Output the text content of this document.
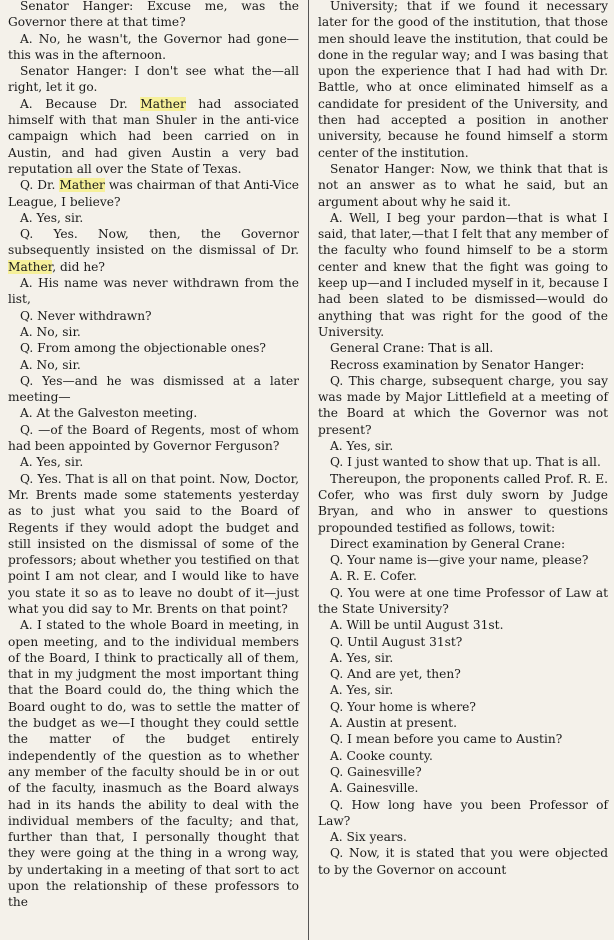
Senator Hanger: Excuse me, was the Governor there at that time?

A. No, he wasn't, the Governor had gone—this was in the afternoon.

Senator Hanger: I don't see what the—all right, let it go.

A. Because Dr. Mather had associated himself with that man Shuler in the anti-vice campaign which had been carried on in Austin, and had given Austin a very bad reputation all over the State of Texas.

Q. Dr. Mather was chairman of that Anti-Vice League, I believe?

A. Yes, sir.

Q. Yes. Now, then, the Governor subsequently insisted on the dismissal of Dr. Mather, did he?

A. His name was never withdrawn from the list,

Q. Never withdrawn?

A. No, sir.

Q. From among the objectionable ones?

A. No, sir.

Q. Yes—and he was dismissed at a later meeting—

A. At the Galveston meeting.

Q. —of the Board of Regents, most of whom had been appointed by Governor Ferguson?

A. Yes, sir.

Q. Yes. That is all on that point. Now, Doctor, Mr. Brents made some statements yesterday as to just what you said to the Board of Regents if they would adopt the budget and still insisted on the dismissal of some of the professors; about whether you testified on that point I am not clear, and I would like to have you state it so as to leave no doubt of it—just what you did say to Mr. Brents on that point?

A. I stated to the whole Board in meeting, in open meeting, and to the individual members of the Board, I think to practically all of them, that in my judgment the most important thing that the Board could do, the thing which the Board ought to do, was to settle the matter of the budget as we—I thought they could settle the matter of the budget entirely independently of the question as to whether any member of the faculty should be in or out of the faculty, inasmuch as the Board always had in its hands the ability to deal with the individual members of the faculty; and that, further than that, I personally thought that they were going at the thing in a wrong way, by undertaking in a meeting of that sort to act upon the relationship of these professors to the

University; that if we found it necessary later for the good of the institution, that those men should leave the institution, that could be done in the regular way; and I was basing that upon the experience that I had had with Dr. Battle, who at once eliminated himself as a candidate for president of the University, and then had accepted a position in another university, because he found himself a storm center of the institution.

Senator Hanger: Now, we think that that is not an answer as to what he said, but an argument about why he said it.

A. Well, I beg your pardon—that is what I said, that later,—that I felt that any member of the faculty who found himself to be a storm center and knew that the fight was going to keep up—and I included myself in it, because I had been slated to be dismissed—would do anything that was right for the good of the University.

General Crane: That is all.

Recross examination by Senator Hanger:

Q. This charge, subsequent charge, you say was made by Major Littlefield at a meeting of the Board at which the Governor was not present?

A. Yes, sir.

Q. I just wanted to show that up. That is all.

Thereupon, the proponents called Prof. R. E. Cofer, who was first duly sworn by Judge Bryan, and who in answer to questions propounded testified as follows, towit:

Direct examination by General Crane:

Q. Your name is—give your name, please?

A. R. E. Cofer.

Q. You were at one time Professor of Law at the State University?

A. Will be until August 31st.

Q. Until August 31st?

A. Yes, sir.

Q. And are yet, then?

A. Yes, sir.

Q. Your home is where?

A. Austin at present.

Q. I mean before you came to Austin?

A. Cooke county.

Q. Gainesville?

A. Gainesville.

Q. How long have you been Professor of Law?

A. Six years.

Q. Now, it is stated that you were objected to by the Governor on account
